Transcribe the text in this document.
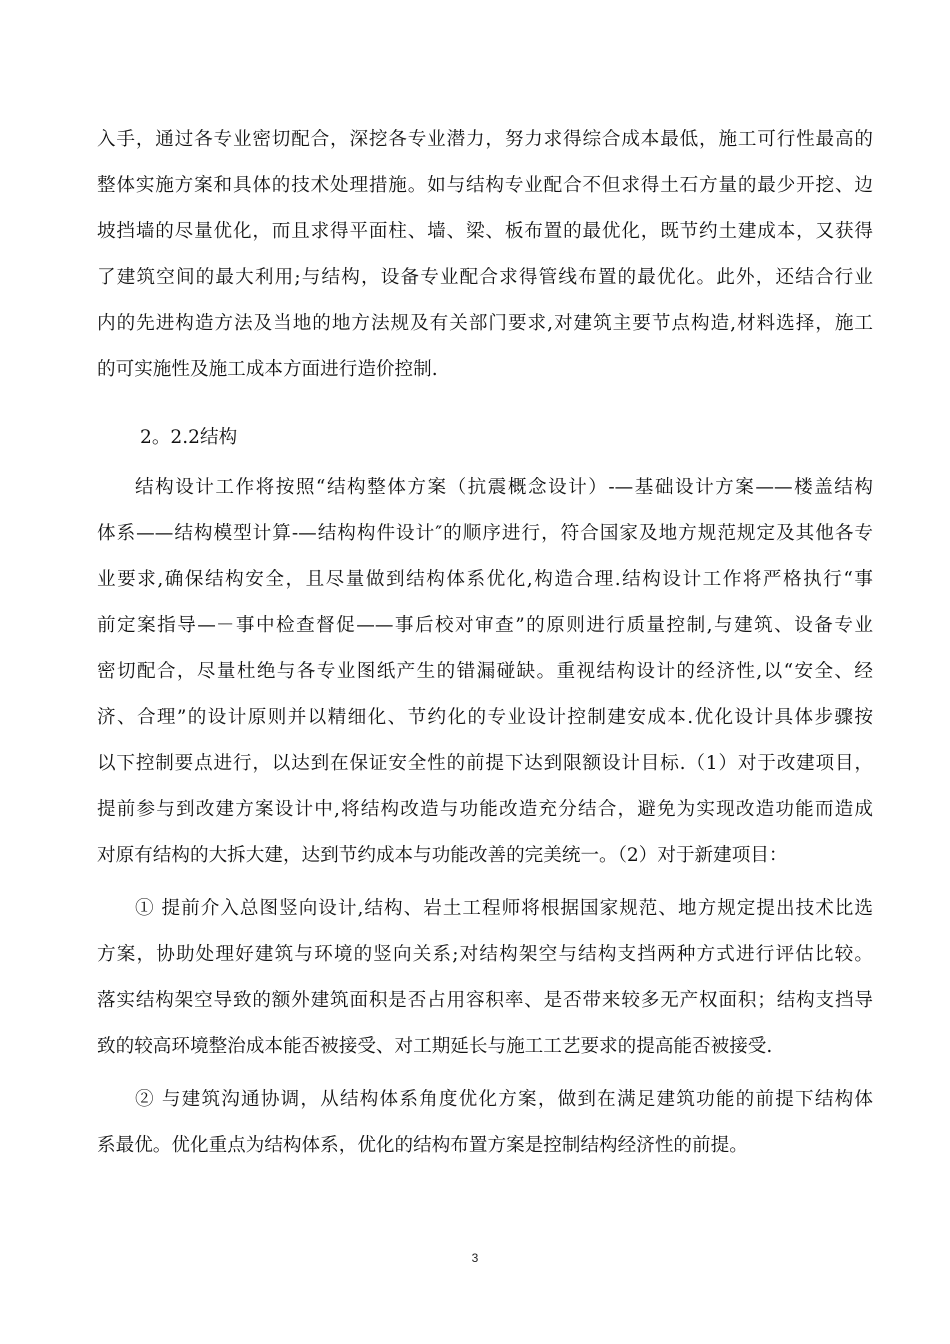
入手，通过各专业密切配合，深挖各专业潜力，努力求得综合成本最低，施工可行性最高的
整体实施方案和具体的技术处理措施。如与结构专业配合不但求得土石方量的最少开挖、边
坡挡墙的尽量优化，而且求得平面柱、墙、梁、板布置的最优化，既节约土建成本，又获得
了建筑空间的最大利用;与结构，设备专业配合求得管线布置的最优化。此外，还结合行业
内的先进构造方法及当地的地方法规及有关部门要求,对建筑主要节点构造,材料选择，施工
的可实施性及施工成本方面进行造价控制.
2。2.2结构
结构设计工作将按照“结构整体方案（抗震概念设计）-—基础设计方案——楼盖结构
体系——结构模型计算-—结构构件设计″的顺序进行，符合国家及地方规范规定及其他各专
业要求,确保结构安全，且尽量做到结构体系优化,构造合理.结构设计工作将严格执行“事
前定案指导—－事中检查督促——事后校对审查”的原则进行质量控制,与建筑、设备专业
密切配合，尽量杜绝与各专业图纸产生的错漏碰缺。重视结构设计的经济性,以“安全、经
济、合理”的设计原则并以精细化、节约化的专业设计控制建安成本.优化设计具体步骤按
以下控制要点进行，以达到在保证安全性的前提下达到限额设计目标.（1）对于改建项目，
提前参与到改建方案设计中,将结构改造与功能改造充分结合，避免为实现改造功能而造成
对原有结构的大拆大建，达到节约成本与功能改善的完美统一。（2）对于新建项目：
① 提前介入总图竖向设计,结构、岩土工程师将根据国家规范、地方规定提出技术比选
方案，协助处理好建筑与环境的竖向关系;对结构架空与结构支挡两种方式进行评估比较。
落实结构架空导致的额外建筑面积是否占用容积率、是否带来较多无产权面积；结构支挡导
致的较高环境整治成本能否被接受、对工期延长与施工工艺要求的提高能否被接受.
② 与建筑沟通协调，从结构体系角度优化方案，做到在满足建筑功能的前提下结构体
系最优。优化重点为结构体系，优化的结构布置方案是控制结构经济性的前提。
3
